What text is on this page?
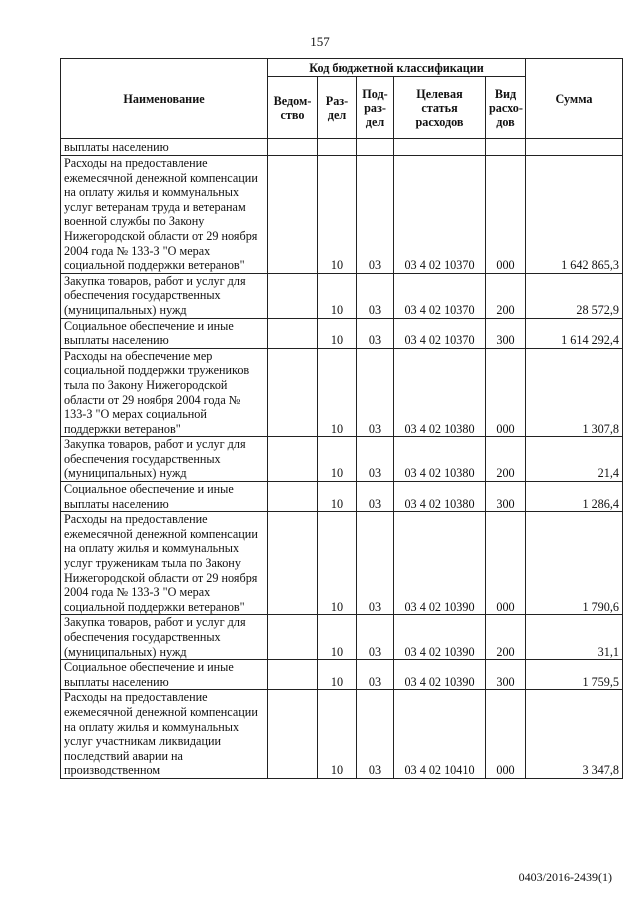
157
Наименование	Код бюджетной классификации					Сумма
	Ведом-ство	Раз-дел	Под-раз-дел	Целевая статья расходов	Вид расхо-дов	
выплаты населению						
Расходы на предоставление ежемесячной денежной компенсации на оплату жилья и коммунальных услуг ветеранам труда и ветеранам военной службы по Закону Нижегородской области от 29 ноября 2004 года № 133-З "О мерах социальной поддержки ветеранов"		10	03	03 4 02 10370	000	1 642 865,3
Закупка товаров, работ и услуг для обеспечения государственных (муниципальных) нужд		10	03	03 4 02 10370	200	28 572,9
Социальное обеспечение и иные выплаты населению		10	03	03 4 02 10370	300	1 614 292,4
Расходы на обеспечение мер социальной поддержки тружеников тыла по Закону Нижегородской области от 29 ноября 2004 года № 133-З "О мерах социальной поддержки ветеранов"		10	03	03 4 02 10380	000	1 307,8
Закупка товаров, работ и услуг для обеспечения государственных (муниципальных) нужд		10	03	03 4 02 10380	200	21,4
Социальное обеспечение и иные выплаты населению		10	03	03 4 02 10380	300	1 286,4
Расходы на предоставление ежемесячной денежной компенсации на оплату жилья и коммунальных услуг труженикам тыла по Закону Нижегородской области от 29 ноября 2004 года № 133-З "О мерах социальной поддержки ветеранов"		10	03	03 4 02 10390	000	1 790,6
Закупка товаров, работ и услуг для обеспечения государственных (муниципальных) нужд		10	03	03 4 02 10390	200	31,1
Социальное обеспечение и иные выплаты населению		10	03	03 4 02 10390	300	1 759,5
Расходы на предоставление ежемесячной денежной компенсации на оплату жилья и коммунальных услуг участникам ликвидации последствий аварии на производственном		10	03	03 4 02 10410	000	3 347,8
0403/2016-2439(1)
